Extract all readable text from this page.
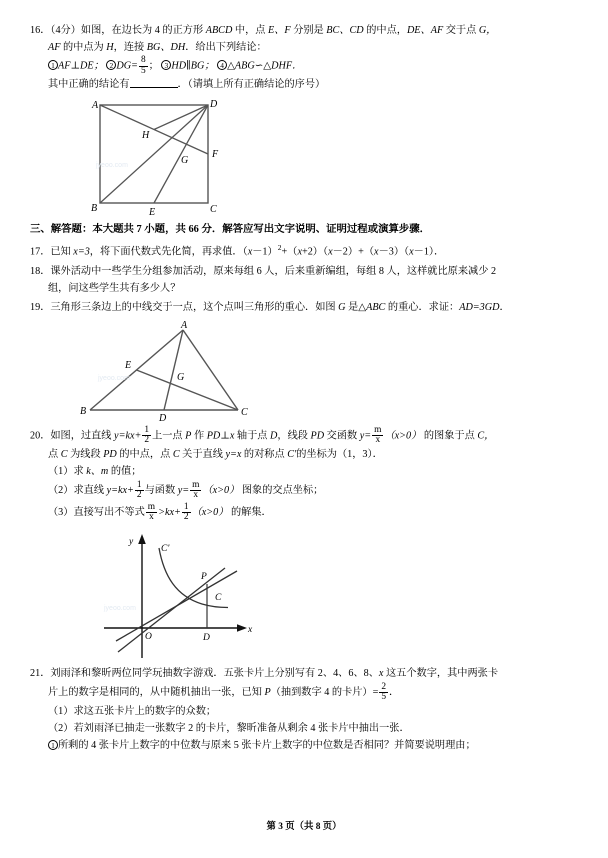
16．（4分）如图，在边长为 4 的正方形 ABCD 中，点 E、F 分别是 BC、CD 的中点，DE、AF 交于点 G，
AF 的中点为 H，连接 BG、DH．给出下列结论：
1 AF⊥DE； 2 $DG= \frac{8}{5}$ ； 3 HD∥BG； 4 △ABG∽△DHF．
其中正确的结论有	．（请填上所有正确结论的序号）
A	D
H
F
G
B	E	C
jyeoo.com
三、解答题：本大题共 7 小题，共 66 分．解答应写出文字说明、证明过程或演算步骤．
17．已知 x=3，将下面代数式先化简，再求值．$(x-1)^2+(x+2)(x-2)+(x-3)(x-1)$．
18．课外活动中一些学生分组参加活动，原来每组 6 人，后来重新编组，每组 8 人，这样就比原来减少 2
组，问这些学生共有多少人？
19．三角形三条边上的中线交于一点，这个点叫三角形的重心．如图 G 是△ABC 的重心．求证：AD=3GD．
A
E
G
B
D
C
jyeoo.com
20．如图，过直线 $y=kx+ \frac{1}{2}$ 上一点 P 作 PD⊥x 轴于点 D，线段 PD 交函数 $y= \frac{m}{x} (x>0)$ 的图象于点 C，
点 C 为线段 PD 的中点，点 C 关于直线 y=x 的对称点 C'的坐标为（1，3）．
（1）求 k、m 的值；
（2）求直线 $y=kx+ \frac{1}{2}$ 与函数 $y= \frac{m}{x} (x>0)$ 图象的交点坐标；
（3）直接写出不等式 $\frac{m}{x} >kx+ \frac{1}{2} (x>0)$ 的解集．
y
x
C'
P
C
O	D
jyeoo.com
21．刘雨泽和黎昕两位同学玩抽数字游戏．五张卡片上分别写有 2、4、6、8、x 这五个数字，其中两张卡
片上的数字是相同的，从中随机抽出一张，已知 P（抽到数字 4 的卡片）= $\frac{2}{5}$ ．
（1）求这五张卡片上的数字的众数；
（2）若刘雨泽已抽走一张数字 2 的卡片，黎昕准备从剩余 4 张卡片中抽出一张．
1 所剩的 4 张卡片上数字的中位数与原来 5 张卡片上数字的中位数是否相同？并简要说明理由；
第 3 页（共 8 页）
